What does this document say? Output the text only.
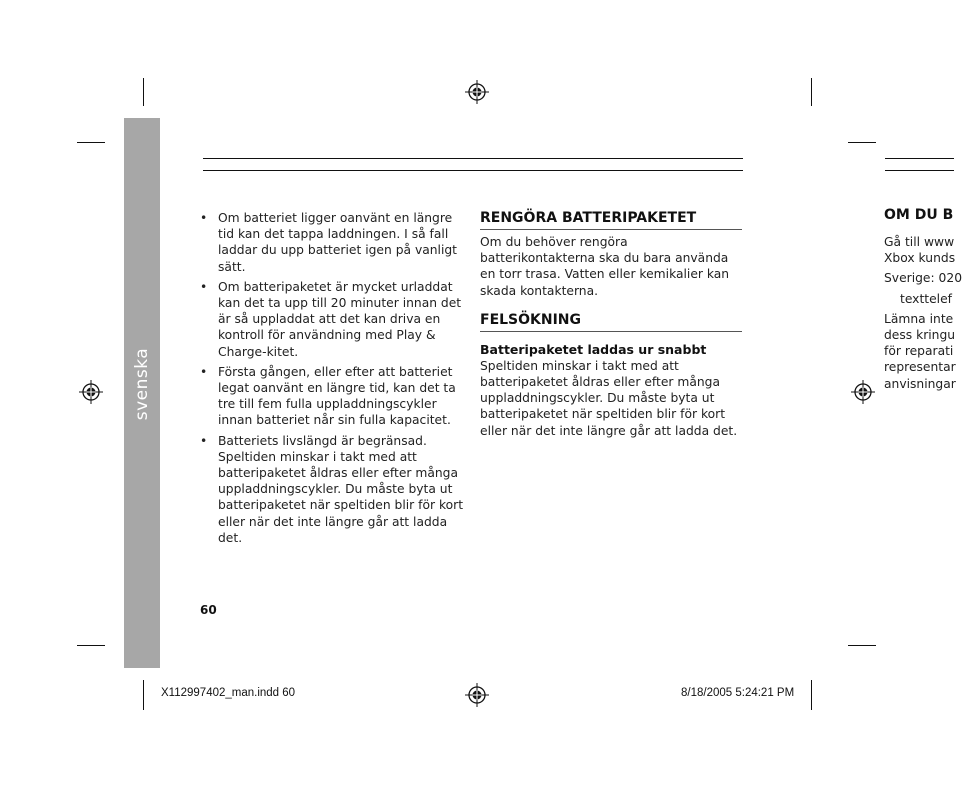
svenska
• Om batteriet ligger oanvänt en längre tid kan det tappa laddningen. I så fall laddar du upp batteriet igen på vanligt sätt.
• Om batteripaketet är mycket urladdat kan det ta upp till 20 minuter innan det är så uppladdat att det kan driva en kontroll för användning med Play & Charge-kitet.
• Första gången, eller efter att batteriet legat oanvänt en längre tid, kan det ta tre till fem fulla uppladdningscykler innan batteriet når sin fulla kapacitet.
• Batteriets livslängd är begränsad. Speltiden minskar i takt med att batteripaketet åldras eller efter många uppladdningscykler. Du måste byta ut batteripaketet när speltiden blir för kort eller när det inte längre går att ladda det.
RENGÖRA BATTERIPAKETET

Om du behöver rengöra batterikontakterna ska du bara använda en torr trasa. Vatten eller kemikalier kan skada kontakterna.

FELSÖKNING
Batteripaketet laddas ur snabbt

Speltiden minskar i takt med att batteripaketet åldras eller efter många uppladdningscykler. Du måste byta ut batteripaketet när speltiden blir för kort eller när det inte längre går att ladda det.

OM DU B
Gå till www
Xbox kunds
Sverige: 020
texttelef
Lämna inte
dess kringu
för reparati
representar
anvisningar
60
X112997402_man.indd 60	8/18/2005 5:24:21 PM
